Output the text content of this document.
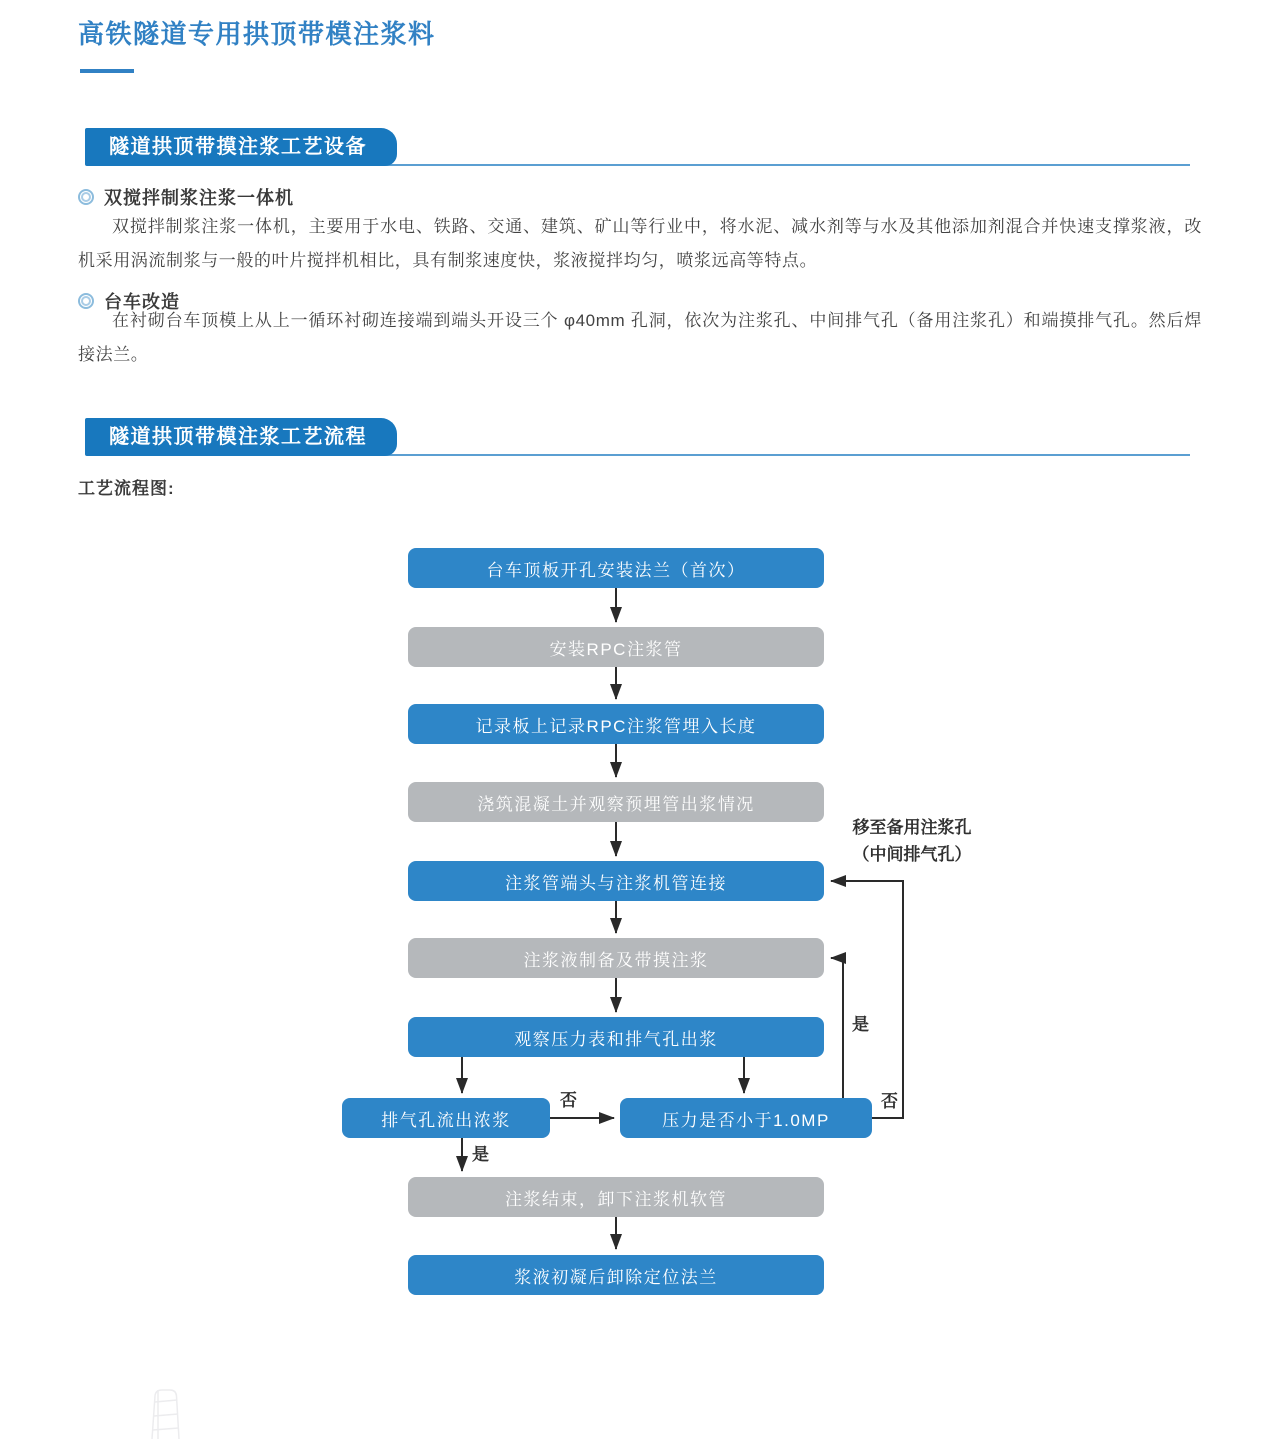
高铁隧道专用拱顶带模注浆料
隧道拱顶带摸注浆工艺设备
双搅拌制浆注浆一体机
双搅拌制浆注浆一体机，主要用于水电、铁路、交通、建筑、矿山等行业中，将水泥、减水剂等与水及其他添加剂混合并快速支撑浆液，改机采用涡流制浆与一般的叶片搅拌机相比，具有制浆速度快，浆液搅拌均匀，喷浆远高等特点。
台车改造
在衬砌台车顶模上从上一循环衬砌连接端到端头开设三个 φ40mm 孔洞，依次为注浆孔、中间排气孔（备用注浆孔）和端摸排气孔。然后焊接法兰。
隧道拱顶带模注浆工艺流程
工艺流程图:
台车顶板开孔安装法兰（首次）
安装RPC注浆管
记录板上记录RPC注浆管埋入长度
浇筑混凝土并观察预埋管出浆情况
注浆管端头与注浆机管连接
注浆液制备及带摸注浆
观察压力表和排气孔出浆
排气孔流出浓浆	压力是否小于1.0MP
注浆结束，卸下注浆机软管
浆液初凝后卸除定位法兰
是
否
是
否
移至备用注浆孔
（中间排气孔）
